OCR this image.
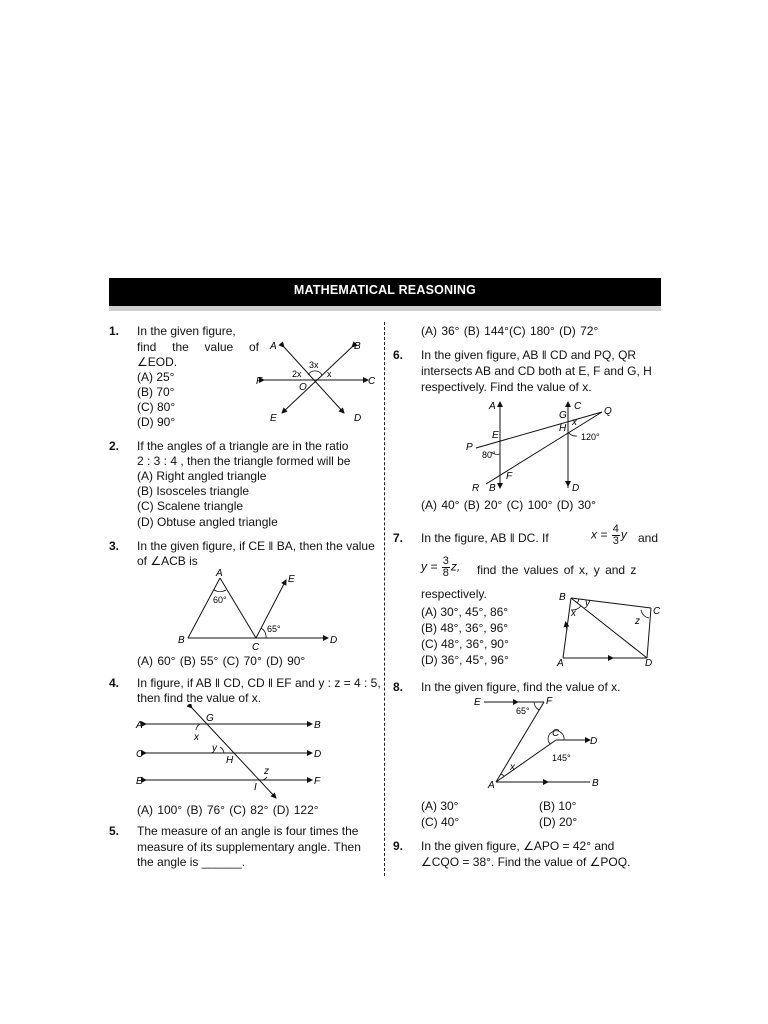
MATHEMATICAL REASONING
1. In the given figure,
find the value of
∠EOD.
(A) 25°
(B) 70°
(C) 80°
(D) 90°
A	B
C
D
E
F
O
3x
2x	x
2. If the angles of a triangle are in the ratio
2 : 3 : 4 , then the triangle formed will be
(A) Right angled triangle
(B) Isosceles triangle
(C) Scalene triangle
(D) Obtuse angled triangle
3. In the given figure, if CE ‖ BA, then the value
of ∠ACB is
A
B
C
D
E
60°
65°
(A) 60° (B) 55° (C) 70° (D) 90°
4. In figure, if AB ‖ CD, CD ‖ EF and y : z = 4 : 5,
then find the value of x.
A	B
C	D
E	F
G
H
I
x
y
z
(A) 100° (B) 76° (C) 82° (D) 122°
5. The measure of an angle is four times the
measure of its supplementary angle. Then
the angle is ______.
(A) 36° (B) 144°(C) 180° (D) 72°
6. In the given figure, AB ‖ CD and PQ, QR
intersects AB and CD both at E, F and G, H
respectively. Find the value of x.
A
B
C
D
E
F
G
H
P
Q
R
x
80°
120°
(A) 40° (B) 20° (C) 100° (D) 30°
7. In the figure, AB ‖ DC. If	$x = \frac{4}{3}$ y and
$y = \frac{3}{8} z$, find the values of x, y and z
respectively.
(A) 30°, 45°, 86°
(B) 48°, 36°, 96°
(C) 48°, 36°, 90°
(D) 36°, 45°, 96°	A
B
C
D
x
y
z
8. In the given figure, find the value of x.
A	B
C
D
E	F
x
65°
145°
(A) 30°	(B) 10°
(C) 40°	(D) 20°
9. In the given figure, ∠APO = 42° and
∠CQO = 38°. Find the value of ∠POQ.
